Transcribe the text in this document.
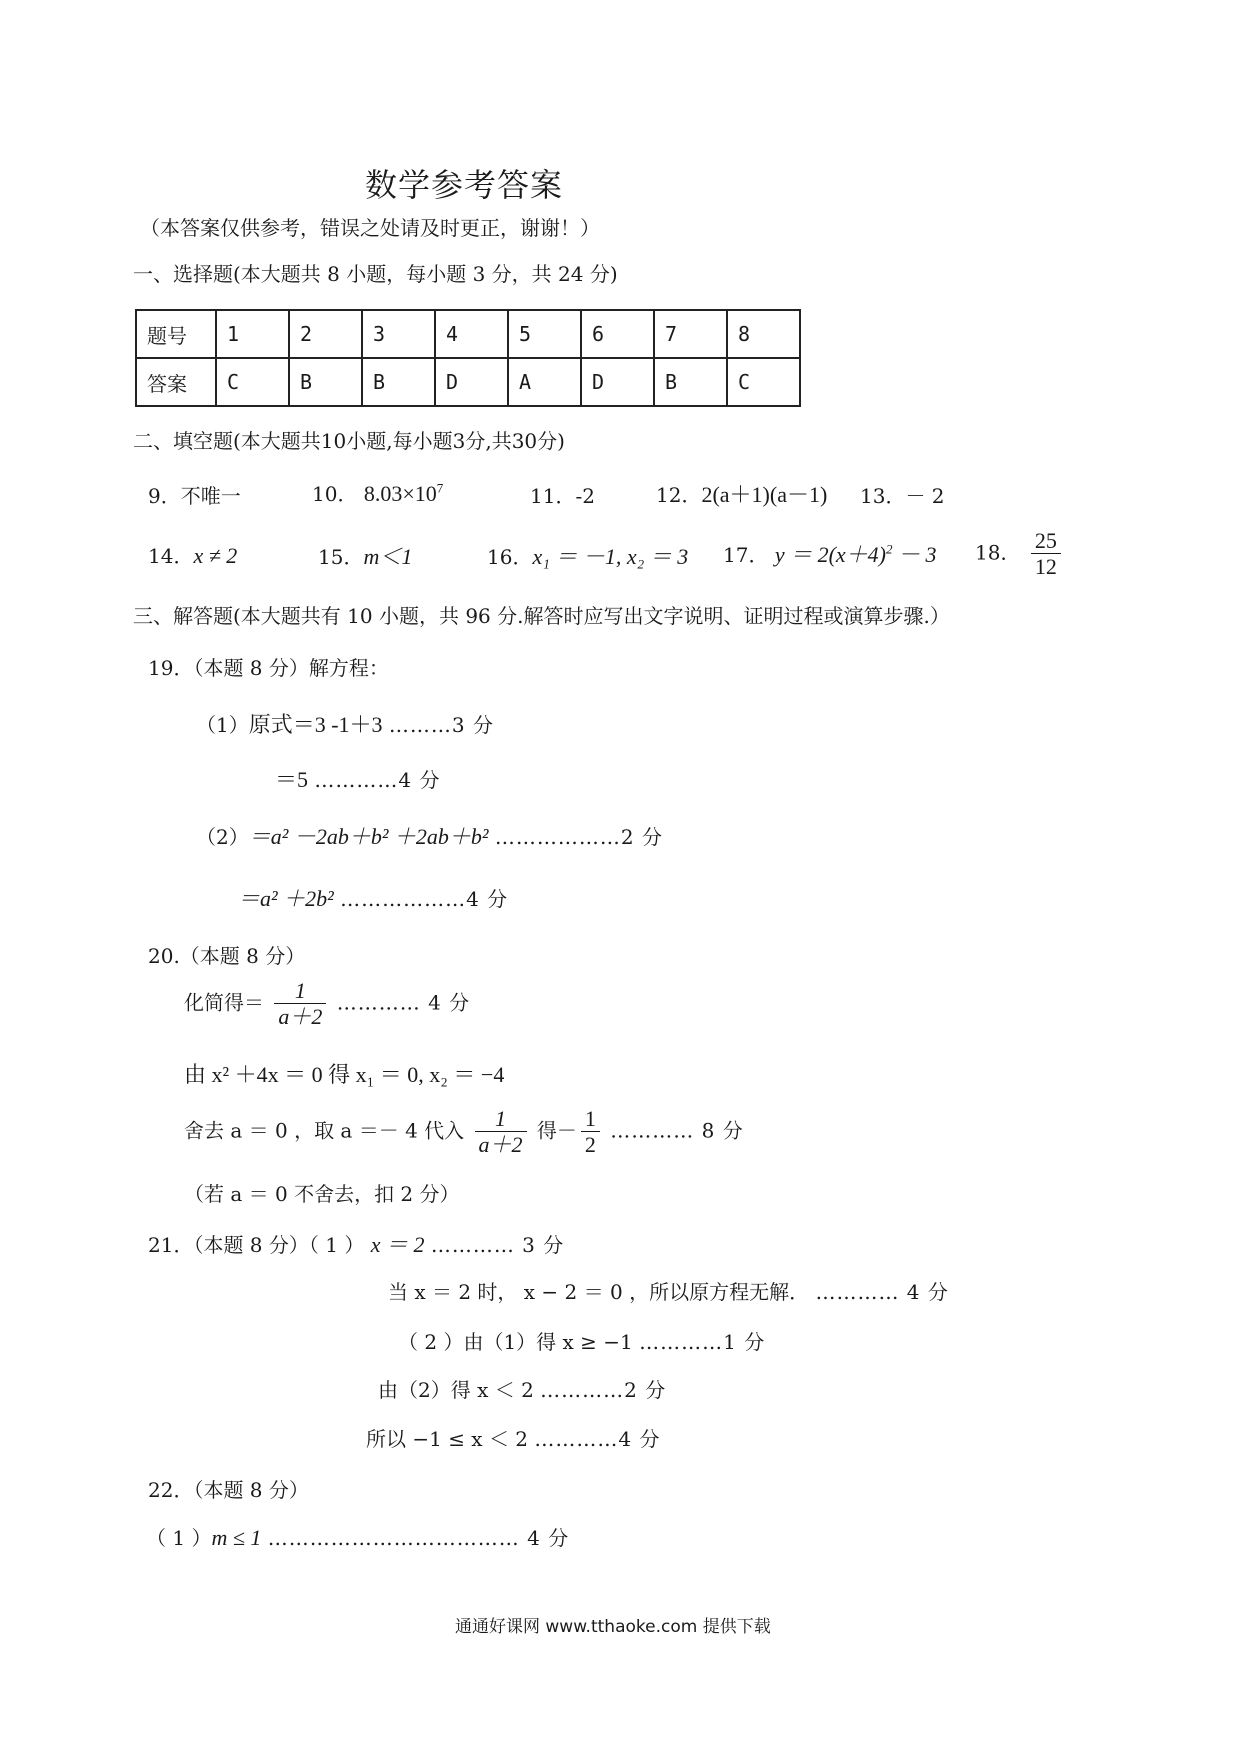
数学参考答案
（本答案仅供参考，错误之处请及时更正，谢谢！）
一、选择题(本大题共 8 小题，每小题 3 分，共 24 分)
题号	1	2	3	4	5	6	7	8
答案	C	B	B	D	A	D	B	C
二、填空题(本大题共10小题,每小题3分,共30分)
9．不唯一	10． $8.03\times 10^7$	11．-2	12．2(a＋1)(a－1) 13．－ 2
14．x ≠ 2	15．m＜1	16．x₁ ＝ －1, x₂ ＝ 3 17． $y = 2(x+4)^2 - 3$ 18． $\frac{25}{12}$
三、解答题(本大题共有 10 小题，共 96 分.解答时应写出文字说明、证明过程或演算步骤.）
19．（本题 8 分）解方程：
（1）原式＝3 -1＋3 ………3 分
＝5 …………4 分
（2）＝a² －2ab＋b² ＋2ab＋b² ………………2 分
＝a² ＋2b² ………………4 分
20.（本题 8 分）
化简得＝ $\frac{1}{a+2}$ ………… 4 分
由 x² ＋4x ＝ 0 得 x₁ ＝ 0, x₂ ＝ −4
舍去 a ＝ 0 ，取 a ＝－ 4 代入 $\frac{1}{a+2}$ 得－ $\frac{1}{2}$ ………… 8 分
（若 a ＝ 0 不舍去，扣 2 分）
21．（本题 8 分）（ 1 ） x ＝ 2 ………… 3 分
当 x ＝ 2 时， x − 2 ＝ 0 ，所以原方程无解． ………… 4 分
（ 2 ）由（1）得 x ≥ −1 …………1 分
由（2）得 x ＜ 2 …………2 分
所以 −1 ≤ x ＜ 2 …………4 分
22．（本题 8 分）
（ 1 ）m ≤ 1 ……………………………… 4 分
通通好课网 www.tthaoke.com 提供下载
